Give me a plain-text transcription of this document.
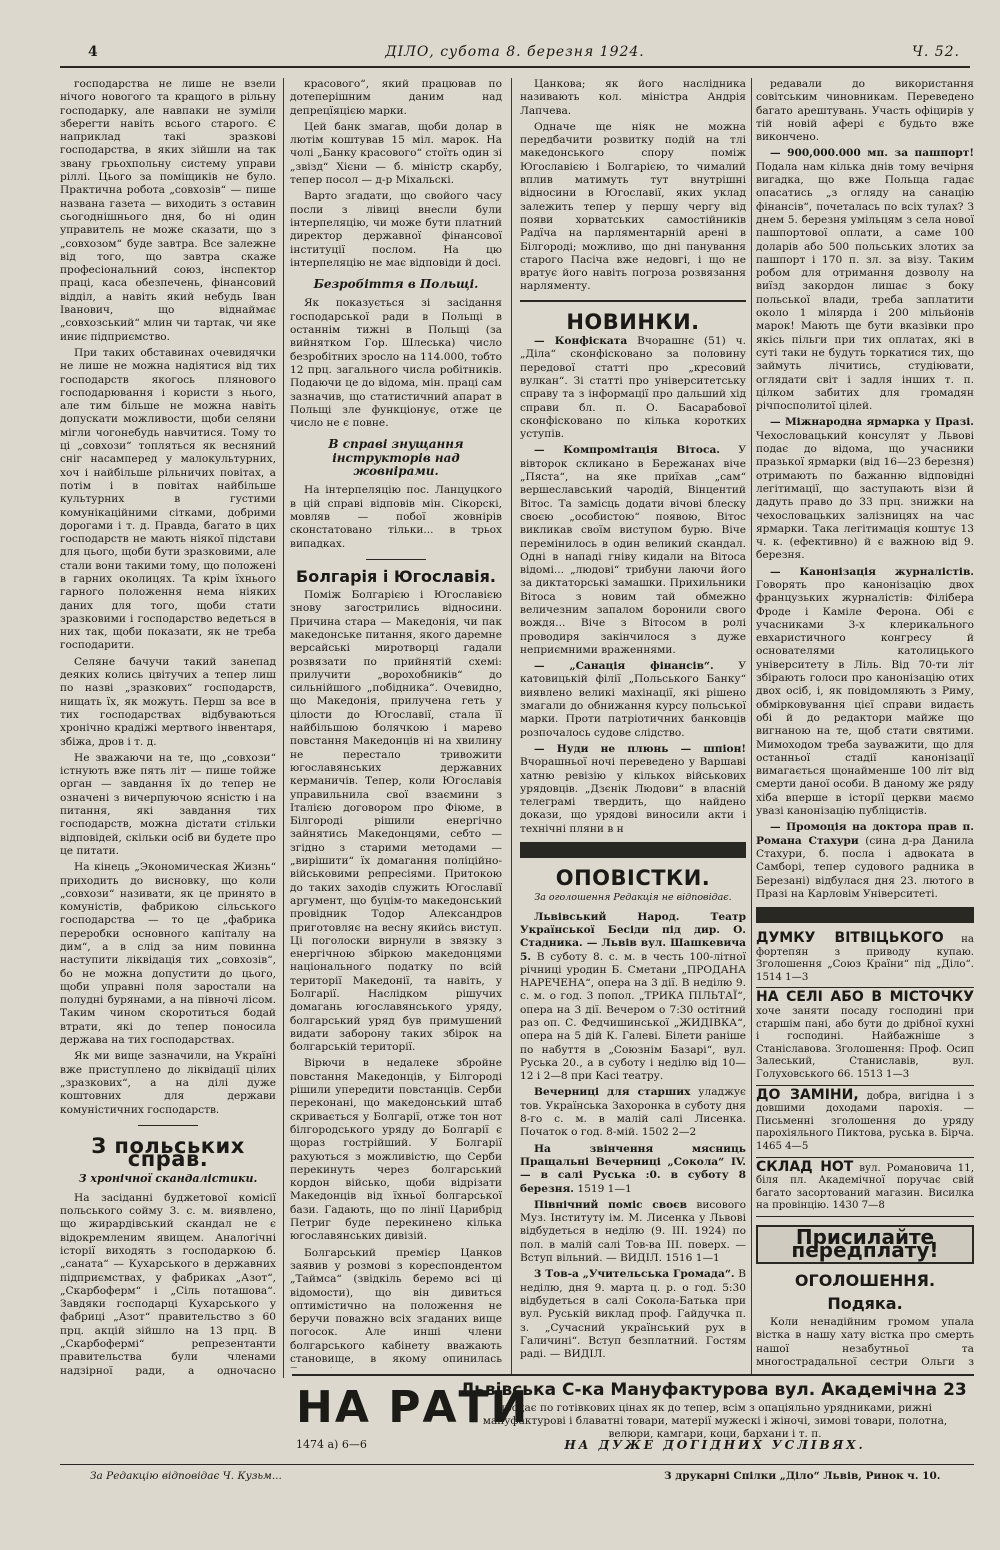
4	ДІЛО, субота 8. березня 1924.	Ч. 52.

господарства не лише не взели нічого новогого та кращого в рільну господарку, але навпаки не зуміли зберегти навіть всього старого. Є наприклад такі зразкові господарства, в яких зійшли на так звану грьохпольну систему управи ріллі. Цього за поміщиків не було. Практична робота „совхозів“ — пише названа газета — виходить з оставин сьогоднішнього дня, бо ні один управитель не може сказати, що з „совхозом“ буде завтра. Все залежне від того, що завтра скаже професіональний союз, інспектор праці, каса обезпечень, фінансовий відділ, а навіть який небудь Іван Іванович, що віднаймає „совхозський“ млин чи тартак, чи яке иниє підприємство.

При таких обставинах очевидячки не лише не можна надіятися від тих господарств якогось плянового господарювання і користи з нього, але тим більше не можна навіть допускати можливости, щоби селяни мігли чогонебудь навчитися. Тому то ці „совхози“ топляться як весняний сніг насамперед у малокультурних, хоч і найбільше рільничих повітах, а потім і в повітах найбільше культурних в густими комунікаційними сітками, добрими дорогами і т. д. Правда, багато в цих господарств не мають ніякої підстави для цього, щоби бути зразковими, але стали вони такими тому, що положені в гарних околицях. Та крім їхнього гарного положення нема ніяких даних для того, щоби стати зразковими і господарство ведеться в них так, щоби показати, як не треба господарити.

Селяне бачучи такий занепад деяких колись цвітучих а тепер лиш по назві „зразкових“ господарств, нищать їх, як можуть. Перш за все в тих господарствах відбуваються хронічно крадіжі мертвого інвентаря, збіжа, дров і т. д.

Не зважаючи на те, що „совхози“ істнують вже пять літ — пише тойже орган — завдання їх до тепер не означені з вичерпуючою ясністю і на питання, які завдання тих господарств, можна дістати стільки відповідей, скільки осіб ви будете про це питати.

На кінець „Экономическая Жизнь“ приходить до висновку, що коли „совхози“ називати, як це принято в комуністів, фабрикою сільського господарства — то це „фабрика переробки основного капіталу на дим“, а в слід за ним повинна наступити ліквідація тих „совхозів“, бо не можна допустити до цього, щоби управні поля заростали на полудні бурянами, а на півночі лісом. Таким чином скоротиться бодай втрати, які до тепер поносила держава на тих господарствах.

Як ми вище зазначили, на Україні вже приступлено до ліквідації цілих „зразкових“, а на ділі дуже коштовних для держави комуністичних господарств.

З польських справ.
З хронічної скандалістики.

На засіданні буджетової комісії польського сойму 3. с. м. виявлено, що жирардівський скандал не є відокремленим явищем. Аналогічні історії виходять з господаркою б. „саната“ — Кухарського в державних підприємствах, у фабриках „Азот“, „Скарбоферм“ і „Сіль поташова“. Завдяки господарці Кухарського у фабриці „Азот“ правительство з 60 прц. акцій зійшло на 13 прц. В „Скарбофермі“ репрезентанти правительства були членами надзірної ради, а одночасно

красового“, який працював по дотеперішним даним над депрецїяцією марки.

Цей банк змагав, щоби долар в лютім коштував 15 міл. марок. На чолі „Банку красового“ стоїть один зі „звізд“ Хієни — б. міністр скарбу, тепер посол — д-р Міхальскі.

Варто згадати, що свойого часу посли з лівиці внесли були інтерпеляцію, чи може бути платний директор державної фінансової інституції послом. На цю інтерпеляцію не має відповіди й досі.

Безробіття в Польщі.

Як показується зі засідання господарської ради в Польщі в останнім тижні в Польщі (за вийнятком Гор. Шлеська) число безробітних зросло на 114.000, тобто 12 прц. загального числа робітників. Подаючи це до відома, мін. праці сам зазначив, що статистичний апарат в Польщі зле функціонує, отже це число не є повне.

В справі знущання інструкторів над жовнірами.

На інтерпеляцію пос. Ланцуцкого в цій справі відповів мін. Сікорскі, мовляв — побої жовнірів сконстатовано тільки... в трьох випадках.

Болгарія і Югославія.

Поміж Болгарією і Югославією знову загострились відносини. Причина стара — Македонія, чи пак македонське питання, якого даремне версайські миротворці гадали розвязати по прийнятій схемі: прилучити „ворохобників“ до сильнійшого „побідника“. Очевидно, що Македонія, прилучена геть у цілости до Югославії, стала її найбільшою болячкою і марево повстання Македонців ні на хвилину не перестало тривожити югославянських державних керманичів. Тепер, коли Югославія управильнила свої взаємини з Італією договором про Фіюме, в Білгороді рішили енергічно зайнятись Македонцями, себто — згідно з старими методами — „вирішити“ їх домагання поліційно-військовими репресіями. Притокою до таких заходів служить Югославії аргумент, що буцім-то македонський провідник Тодор Александров приготовляє на весну якийсь виступ. Ці поголоски вирнули в звязку з енергічною збіркою македонцями національного податку по всій території Македонії, та навіть, у Болгарії. Наслідком рішучих домагань югославянського уряду, болгарський уряд був примушений видати заборону таких збірок на болгарській території.

Вірючи в недалеке збройне повстання Македонців, у Білгороді рішили упередити повстанців. Серби переконані, що македонський штаб скривається у Болгарії, отже тон нот білгородського уряду до Болгарії є щораз гострійший. У Болгарії рахуються з можливістю, що Серби перекинуть через болгарський кордон військо, щоби відрізати Македонців від їхньої болгарської бази. Гадають, що по лінії Царибрід Петриг буде перекинено кілька югославянських дивізій.

Болгарський премієр Цанков заявив у розмові з кореспондентом „Таймса“ (звідкіль беремо всі ці відомости), що він дивиться оптимістично на положення не беручи поважно всіх згаданих вище погосок. Але инші члени болгарського кабінету вважають становище, в якому опинилась

Цанкова; як його наслідника називають кол. міністра Андрія Лапчева.

Одначе ще ніяк не можна передбачити розвитку подій на тлі македонського спору поміж Югославією і Болгарією, то чималий вплив матимуть тут внутрішні відносини в Югославії, яких уклад залежить тепер у першу чергу від появи хорватських самостійників Радїча на парляментарній арені в Білгороді; можливо, що дні панування старого Пасіча вже недовгі, і що не вратує його навіть погроза розвязання нарляменту.

НОВИНКИ.

— Конфіската Вчорашнє (51) ч. „Діла“ сконфісковано за половину передової статті про „кресовий вулкан“. Зі статті про університетську справу та з інформації про дальший хід справи бл. п. О. Басарабової сконфісковано по кілька коротких уступів.

— Компромітація Вітоса. У вівторок скликано в Бережанах віче „Пяста“, на яке приїхав „сам“ вершеславський чародій, Вінцентий Вітос. Та замісць додати вічові блеску своєю „особистою“ появою, Вітос викликав своїм виступом бурю. Віче перемінилось в один великий скандал. Одні в нападі гніву кидали на Вітоса відомі... „людові“ трибуни лаючи його за диктаторські замашки. Прихильники Вітоса з новим тай обмежно величезним запалом боронили свого вождя... Віче з Вітосом в ролі проводиря закінчилося з дуже неприємними враженнями.

— „Санація фінансів“. У катовицькій філії „Польського Банку“ виявлено великі махінації, які рішено змагали до обнижання курсу польської марки. Проти патріотичних банковців розпочалось судове слідство.

— Нуди не плюнь — шпіон! Вчорашньої ночі переведено у Варшаві хатню ревізію у кількох військових урядовців. „Дзєнік Людови“ в власній телеграмі твердить, що найдено докази, що урядові виносили акти і технічні пляни в н

ОПОВІСТКИ.
За оголошення Редакція не відповідає.

Львівський Народ. Театр Української Бесіди під дир. О. Стадника. — Львів вул. Шашкевича 5. В суботу 8. с. м. в честь 100-літної річниці уродин Б. Сметани „ПРОДАНА НАРЕЧЕНА“, опера на 3 дії. В неділю 9. с. м. о год. 3 попол. „ТРИКА ПІЛЬТАЇ“, опера на 3 дії. Вечером о 7:30 остітний раз оп. С. Федчишинської „ЖИДІВКА“, опера на 5 дій К. Галеві. Білети раніше по набуття в „Союзнім Базарі“, вул. Руська 20., а в суботу і неділю від 10—12 і 2—8 при Касі театру.

Вечерниці для старших уладжує тов. Українська Захоронка в суботу дня 8-го с. м. в малій салі Лисенка. Початок о год. 8-мій. 1502 2—2

На звінчення мясниць Пращальні Вечерниці „Сокола“ IV. — в салі Руська :0. в суботу 8 березня. 1519 1—1

Північний поміс своєв висового Муз. Інституту ім. М. Лисенка у Львові відбудеться в неділю (9. ІІІ. 1924) по пол. в малій салі Тов-ва ІІІ. поверх. — Вступ вільний. — ВИДІЛ. 1516 1—1

3 Тов-а „Учительська Громада“. В неділю, дня 9. марта ц. р. о год. 5:30 відбудеться в салі Сокола-Батька при вул. Руській виклад проф. Гайдучка п. з. „Сучасний український рух в Галичині“. Вступ безплатний. Гостям раді. — ВИДІЛ.

редавали до використання совітським чиновникам. Переведено багато арештувань. Участь офіцирів у тій новій афері є будьто вже викончено.

— 900,000.000 мп. за пашпорт! Подала нам кілька днів тому вечірня вигадка, що вже Польща гадає опасатись „з огляду на санацію фінансів“, почеталась по всіх тулах? З днем 5. березня умільцям з села нової пашпортової оплати, а саме 100 доларів або 500 польських злотих за пашпорт і 170 п. зл. за візу. Таким робом для отримання дозволу на виїзд закордон лишає з боку польської влади, треба заплатити около 1 мілярда і 200 мільйонів марок! Мають ще бути вказівки про якісь пільги при тих оплатах, які в суті таки не будуть торкатися тих, що займуть лічитись, студіювати, оглядати світ і задля інших т. п. цілком забитих для громадян річпосполитої цілей.

— Міжнародна ярмарка у Празі. Чехословацький консулят у Львові подає до відома, що учасники празької ярмарки (від 16—23 березня) отримають по бажанню відповідні легітимації, що заступають візи й дадуть право до 33 прц. знижки на чехословацьких залізницях на час ярмарки. Така легітимація коштує 13 ч. к. (ефективно) й є важною від 9. березня.

— Канонізація журналістів. Говорять про канонізацію двох французьких журналістів: Філібера Фроде і Каміле Ферона. Обі є учасниками 3-х клерикального евхаристичного конгресу й основателями католицького університету в Ліль. Від 70-ти літ збірають голоси про канонізацію отих двох осіб, і, як повідомляють з Риму, обмірковування цієї справи видаєть обі й до редактори майже що вигнаною на те, щоб стати святими. Мимоходом треба зауважити, що для останньої стадії канонізації вимагається щонайменше 100 літ від смерти даної особи. В даному же ряду хіба вперше в історії церкви маємо увазі канонізацію публіцистів.

— Промоція на доктора прав п. Романа Стахури (сина д-ра Данила Стахури, б. посла і адвоката в Самборі, тепер судового радника в Березані) відбулася дня 23. лютого в Празі на Карловім Університеті.

ДУМКУ ВІТВІЦЬКОГО на фортепян з приводу купаю. Зголошення „Союз Країни“ під „Діло“. 1514 1—3
НА СЕЛІ АБО В МІСТОЧКУ хоче заняти посаду господині при старшім пані, або бути до дрібної кухні і господині. Найбажніше з Станіславова. Зголошення: Проф. Осип Залеський, Станиславів, вул. Голуховського 66. 1513 1—3
ДО ЗАМІНИ, добра, вигідна і з довшими доходами парохія. — Письменні зголошення до уряду парохіяльного Пиктова, руська в. Бірча. 1465 4—5
СКЛАД НОТ вул. Романовича 11, біля пл. Академічної поручає свій багато засортований магазин. Висилка на провінцію. 1430 7—8
Присилайте передплату!
ОГОЛОШЕННЯ.
Подяка.

Коли ненадійним громом упала вістка в нашу хату вістка про смерть нашої незабутньої та многострадальної сестри Ольги з

НА РАТИ
1474 а) 6—6
Львівська С-ка Мануфактурова вул. Академічна 23
продає по готівкових цінах як до тепер, всім з опаціяльно урядниками, рижні мануфактурові і блаватні товари, матерії мужескі і жіночі, зимові товари, полотна, велюри, камгари, коци, бархани і т. п.
НА ДУЖЕ ДОГІДНИХ УСЛІВЯХ.
За Редакцію відповідає Ч. Кузьм...	З друкарні Спілки „Діло“ Львів, Ринок ч. 10.
